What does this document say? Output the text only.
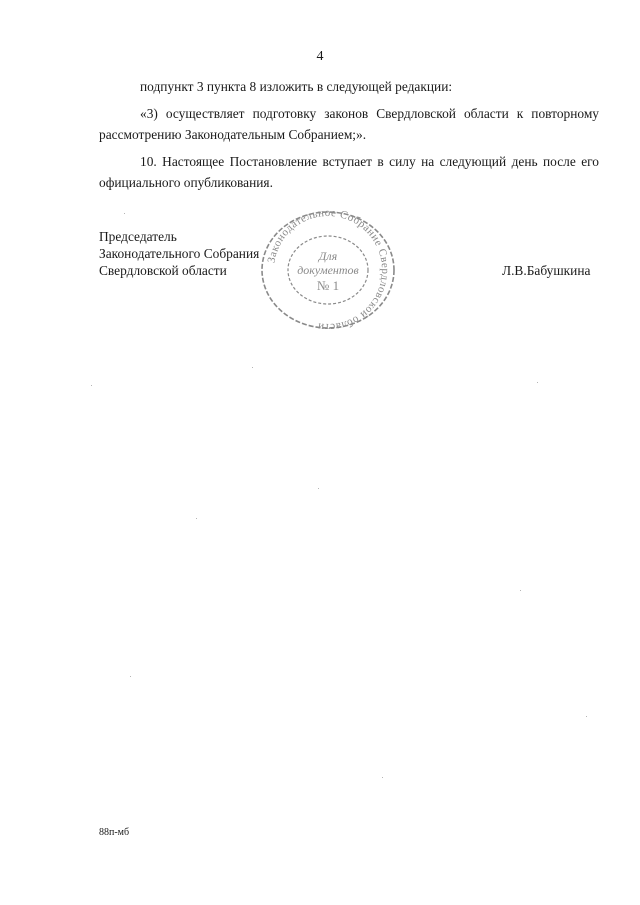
4

подпункт 3 пункта 8 изложить в следующей редакции:

«3) осуществляет подготовку законов Свердловской области к повторному рассмотрению Законодательным Собранием;».

10. Настоящее Постановление вступает в силу на следующий день после его официального опубликования.

Председатель
Законодательного Собрания
Свердловской области	Л.В.Бабушкина
Законодательное Собрание Свердловской области
Для
документов
№ 1
88п-мб
